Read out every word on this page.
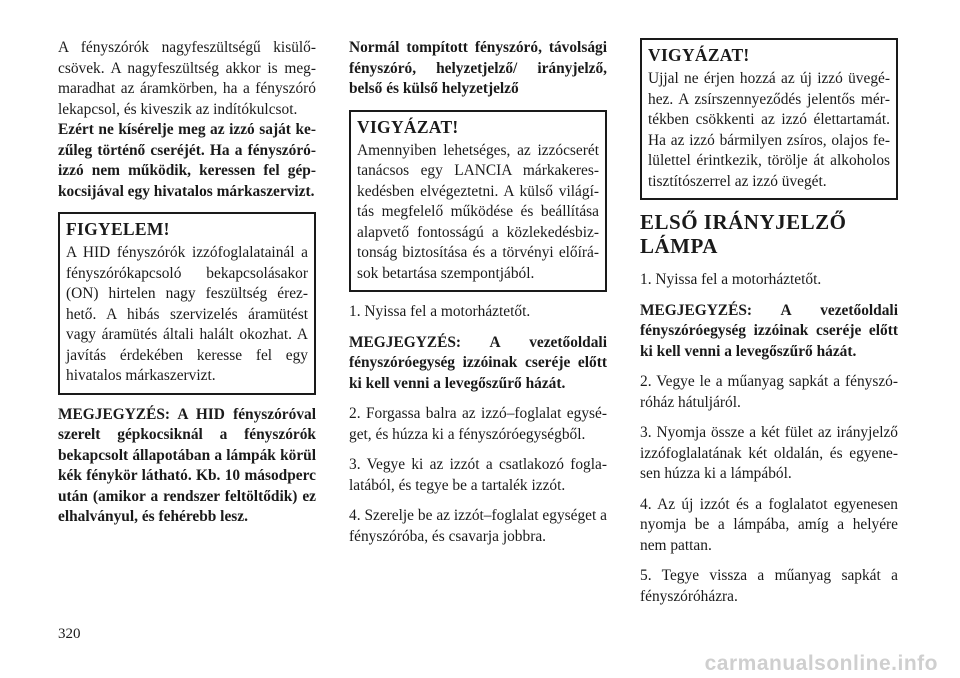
A fényszórók nagyfeszültségű kisülőcsövek. A nagyfeszültség akkor is megmaradhat az áramkörben, ha a fényszóró lekapcsol, és kiveszik az indítókulcsot.

Ezért ne kísérelje meg az izzó saját kezűleg történő cseréjét. Ha a fényszóróizzó nem működik, keressen fel gépkocsijával egy hivatalos márkaszervizt.

FIGYELEM!

A HID fényszórók izzófoglalatainál a fényszórókapcsoló bekapcsolásakor (ON) hirtelen nagy feszültség érezhető. A hibás szervizelés áramütést vagy áramütés általi halált okozhat. A javítás érdekében keresse fel egy hivatalos márkaszervizt.

MEGJEGYZÉS: A HID fényszóróval szerelt gépkocsiknál a fényszórók bekapcsolt állapotában a lámpák körül kék fénykör látható. Kb. 10 másodperc után (amikor a rendszer feltöltődik) ez elhalványul, és fehérebb lesz.

Normál tompított fényszóró, távolsági fényszóró, helyzetjelző/ irányjelző, belső és külső helyzetjelző

VIGYÁZAT!

Amennyiben lehetséges, az izzócserét tanácsos egy LANCIA márkakereskedésben elvégeztetni. A külső világítás megfelelő működése és beállítása alapvető fontosságú a közlekedésbiztonság biztosítása és a törvényi előírások betartása szempontjából.

1. Nyissa fel a motorháztetőt.

MEGJEGYZÉS: A vezetőoldali fényszóróegység izzóinak cseréje előtt ki kell venni a levegőszűrő házát.

2. Forgassa balra az izzó–foglalat egységet, és húzza ki a fényszóróegységből.

3. Vegye ki az izzót a csatlakozó foglalatából, és tegye be a tartalék izzót.

4. Szerelje be az izzót–foglalat egységet a fényszóróba, és csavarja jobbra.

VIGYÁZAT!

Ujjal ne érjen hozzá az új izzó üvegéhez. A zsírszennyeződés jelentős mértékben csökkenti az izzó élettartamát. Ha az izzó bármilyen zsíros, olajos felülettel érintkezik, törölje át alkoholos tisztítószerrel az izzó üvegét.

ELSŐ IRÁNYJELZŐ LÁMPA

1. Nyissa fel a motorháztetőt.

MEGJEGYZÉS: A vezetőoldali fényszóróegység izzóinak cseréje előtt ki kell venni a levegőszűrő házát.

2. Vegye le a műanyag sapkát a fényszóróház hátuljáról.

3. Nyomja össze a két fület az irányjelző izzófoglalatának két oldalán, és egyenesen húzza ki a lámpából.

4. Az új izzót és a foglalatot egyenesen nyomja be a lámpába, amíg a helyére nem pattan.

5. Tegye vissza a műanyag sapkát a fényszóróházra.

320
carmanualsonline.info
